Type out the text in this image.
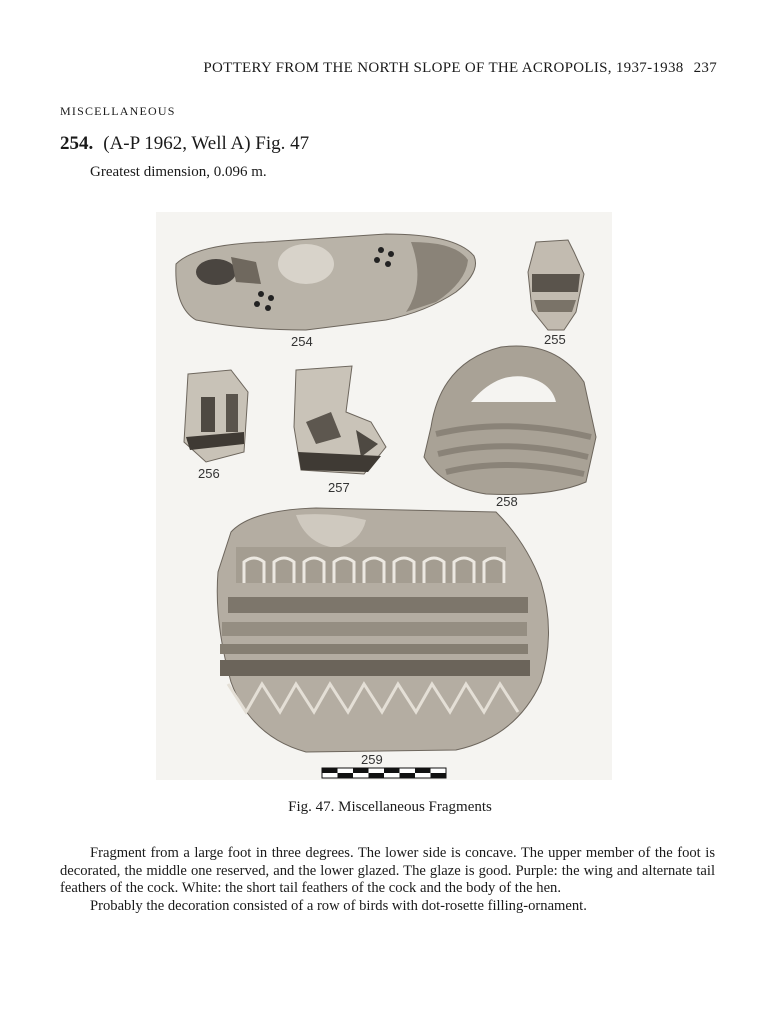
POTTERY FROM THE NORTH SLOPE OF THE ACROPOLIS, 1937-1938 237
MISCELLANEOUS
254. (A-P 1962, Well A) Fig. 47
Greatest dimension, 0.096 m.
254	255
256
257
258
259
Fig. 47. Miscellaneous Fragments

Fragment from a large foot in three degrees. The lower side is concave. The upper member of the foot is decorated, the middle one reserved, and the lower glazed. The glaze is good. Purple: the wing and alternate tail feathers of the cock. White: the short tail feathers of the cock and the body of the hen.

Probably the decoration consisted of a row of birds with dot-rosette filling-ornament.
